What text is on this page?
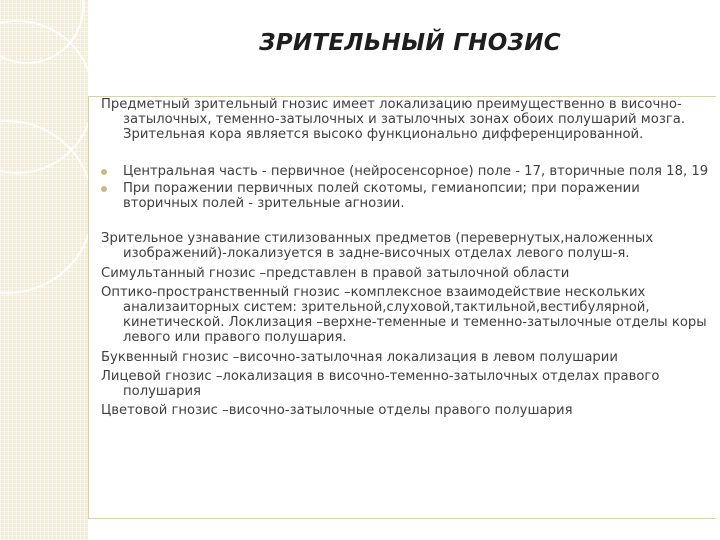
ЗРИТЕЛЬНЫЙ ГНОЗИС

Предметный зрительный гнозис имеет локализацию преимущественно в височно-затылочных, теменно-затылочных и затылочных зонах обоих полушарий мозга. Зрительная кора является высоко функционально дифференцированной.

Центральная часть - первичное (нейросенсорное) поле - 17, вторичные поля 18, 19
При поражении первичных полей скотомы, гемианопсии; при поражении вторичных полей - зрительные агнозии.

Зрительное узнавание стилизованных предметов (перевернутых,наложенных изображений)-локализуется в задне-височных отделах левого полуш-я.

Симультанный гнозис –представлен в правой затылочной области

Оптико-пространственный гнозис –комплексное взаимодействие нескольких анализаиторных систем: зрительной,слуховой,тактильной,вестибулярной, кинетической. Локлизация –верхне-теменные и теменно-затылочные отделы коры левого или правого полушария.

Буквенный гнозис –височно-затылочная локализация в левом полушарии

Лицевой гнозис –локализация в височно-теменно-затылочных отделах правого полушария

Цветовой гнозис –височно-затылочные отделы правого полушария
